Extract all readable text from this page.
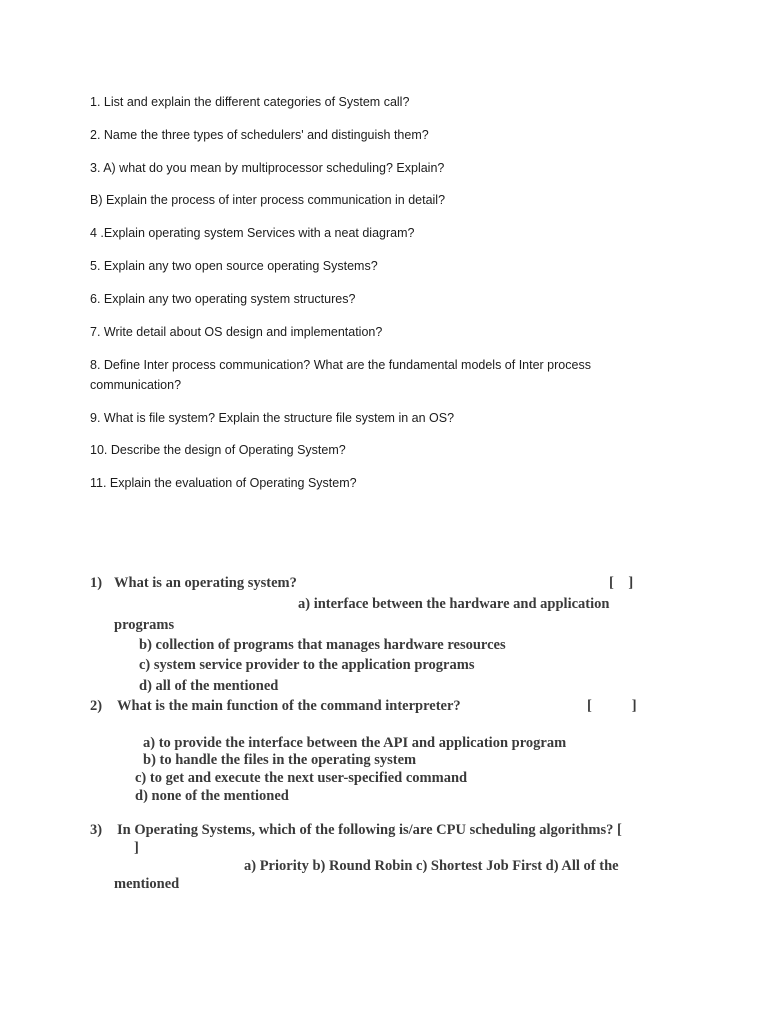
1. List and explain the different categories of System call?
2. Name the three types of schedulers' and distinguish them?
3. A) what do you mean by multiprocessor scheduling? Explain?
B) Explain the process of inter process communication in detail?
4 .Explain operating system Services with a neat diagram?
5. Explain any two open source operating Systems?
6. Explain any two operating system structures?
7. Write detail about OS design and implementation?
8. Define Inter process communication? What are the fundamental models of Inter process communication?
9. What is file system? Explain the structure file system in an OS?
10. Describe the design of Operating System?
11. Explain the evaluation of Operating System?
1) What is an operating system?	[    ]
a) interface between the hardware and application
programs
b) collection of programs that manages hardware resources
c) system service provider to the application programs
d) all of the mentioned
2) What is the main function of the command interpreter?	[           ]
a) to provide the interface between the API and application program
b) to handle the files in the operating system
c) to get and execute the next user-specified command
d) none of the mentioned
3) In Operating Systems, which of the following is/are CPU scheduling algorithms? [
]
a) Priority b) Round Robin c) Shortest Job First d) All of the
mentioned
